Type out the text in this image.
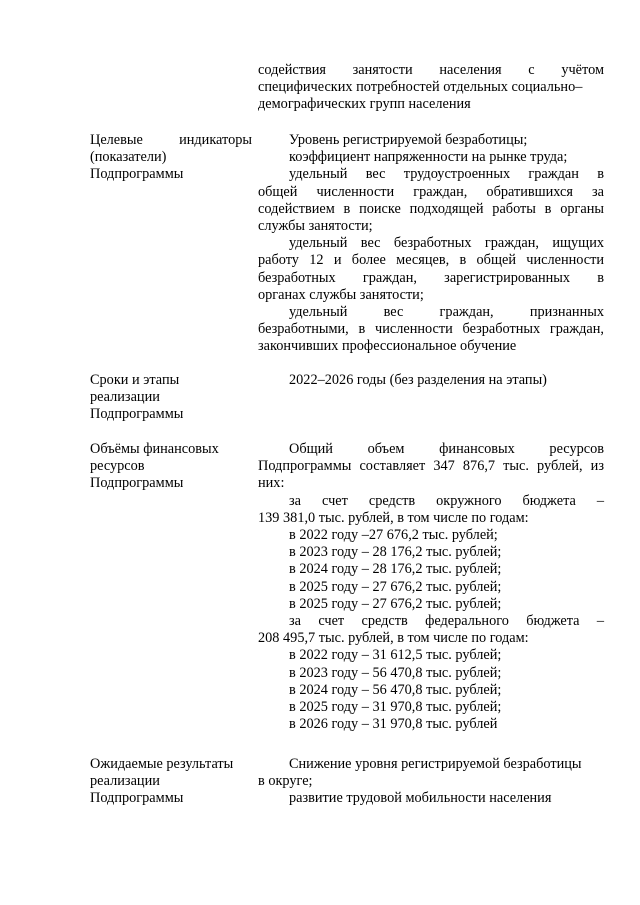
содействия занятости населения с учётом
специфических потребностей отдельных социально–
демографических групп населения
Целевые индикаторы
(показатели)
Подпрограммы
Уровень регистрируемой безработицы;
коэффициент напряженности на рынке труда;
удельный вес трудоустроенных граждан в
общей численности граждан, обратившихся за
содействием в поиске подходящей работы в органы
службы занятости;
удельный вес безработных граждан, ищущих
работу 12 и более месяцев, в общей численности
безработных граждан, зарегистрированных в
органах службы занятости;
удельный вес граждан, признанных
безработными, в численности безработных граждан,
закончивших профессиональное обучение
Сроки и этапы
реализации
Подпрограммы
2022–2026 годы (без разделения на этапы)
Объёмы финансовых
ресурсов
Подпрограммы
Общий объем финансовых ресурсов
Подпрограммы составляет 347 876,7 тыс. рублей, из
них:
за счет средств окружного бюджета –
139 381,0 тыс. рублей, в том числе по годам:
в 2022 году –27 676,2 тыс. рублей;
в 2023 году – 28 176,2 тыс. рублей;
в 2024 году – 28 176,2 тыс. рублей;
в 2025 году – 27 676,2 тыс. рублей;
в 2025 году – 27 676,2 тыс. рублей;
за счет средств федерального бюджета –
208 495,7 тыс. рублей, в том числе по годам:
в 2022 году – 31 612,5 тыс. рублей;
в 2023 году – 56 470,8 тыс. рублей;
в 2024 году – 56 470,8 тыс. рублей;
в 2025 году – 31 970,8 тыс. рублей;
в 2026 году – 31 970,8 тыс. рублей
Ожидаемые результаты
реализации
Подпрограммы
Снижение уровня регистрируемой безработицы
в округе;
развитие трудовой мобильности населения
